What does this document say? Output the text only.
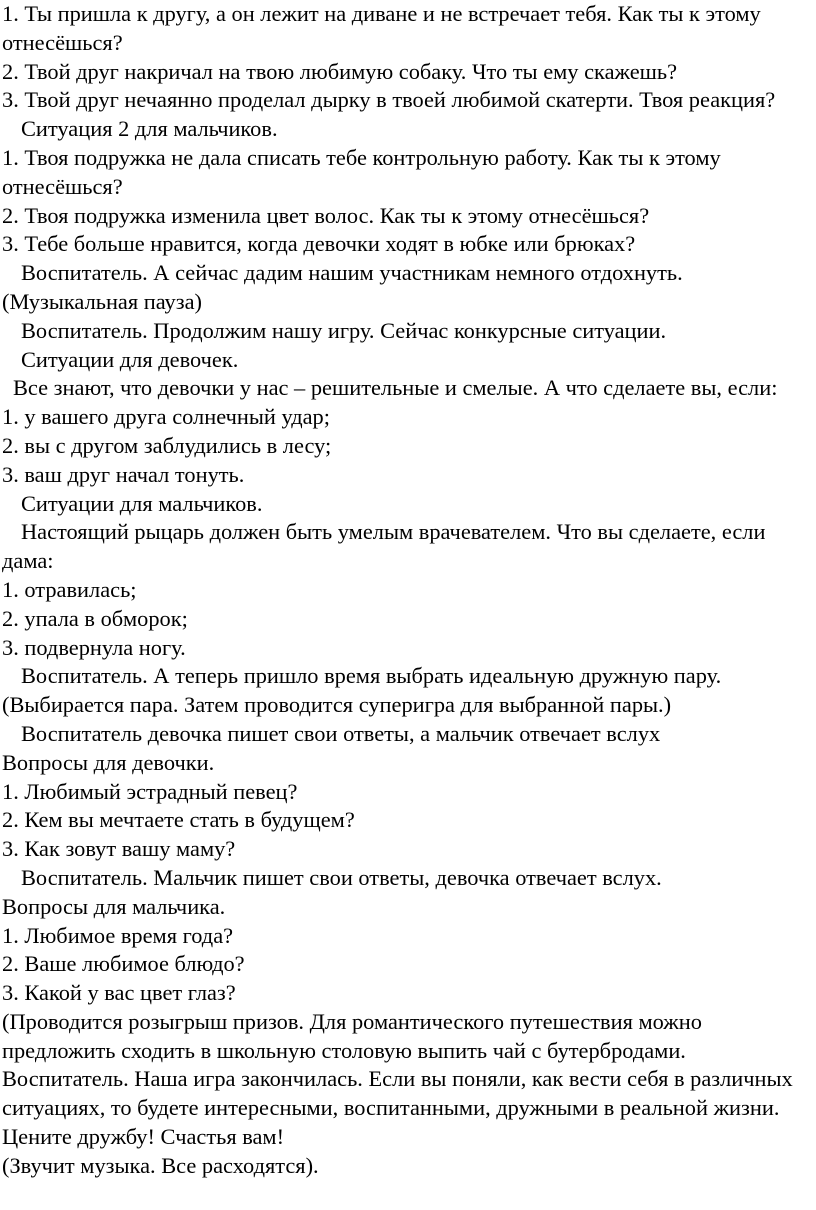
1. Ты пришла к другу, а он лежит на диване и не встречает тебя. Как ты к этому отнесёшься?

2. Твой друг накричал на твою любимую собаку. Что ты ему скажешь?

3. Твой друг нечаянно проделал дырку в твоей любимой скатерти. Твоя реакция?

Ситуация 2 для мальчиков.

1. Твоя подружка не дала списать тебе контрольную работу. Как ты к этому отнесёшься?

2. Твоя подружка изменила цвет волос. Как ты к этому отнесёшься?

3. Тебе больше нравится, когда девочки ходят в юбке или брюках?

Воспитатель. А сейчас дадим нашим участникам немного отдохнуть. (Музыкальная пауза)

Воспитатель. Продолжим нашу игру. Сейчас конкурсные ситуации.

Ситуации для девочек.

Все знают, что девочки у нас – решительные и смелые. А что сделаете вы, если:

1. у вашего друга солнечный удар;

2. вы с другом заблудились в лесу;

3. ваш друг начал тонуть.

Ситуации для мальчиков.

Настоящий рыцарь должен быть умелым врачевателем. Что вы сделаете, если дама:

1. отравилась;

2. упала в обморок;

3. подвернула ногу.

Воспитатель. А теперь пришло время выбрать идеальную дружную пару. (Выбирается пара. Затем проводится суперигра для выбранной пары.)

Воспитатель девочка пишет свои ответы, а мальчик отвечает вслух

Вопросы для девочки.

1. Любимый эстрадный певец?

2. Кем вы мечтаете стать в будущем?

3. Как зовут вашу маму?

Воспитатель. Мальчик пишет свои ответы, девочка отвечает вслух.

Вопросы для мальчика.

1. Любимое время года?

2. Ваше любимое блюдо?

3. Какой у вас цвет глаз?

(Проводится розыгрыш призов. Для романтического путешествия можно предложить сходить в школьную столовую выпить чай с бутербродами.

Воспитатель. Наша игра закончилась. Если вы поняли, как вести себя в различных ситуациях, то будете интересными, воспитанными, дружными в реальной жизни. Цените дружбу! Счастья вам!

(Звучит музыка. Все расходятся).
